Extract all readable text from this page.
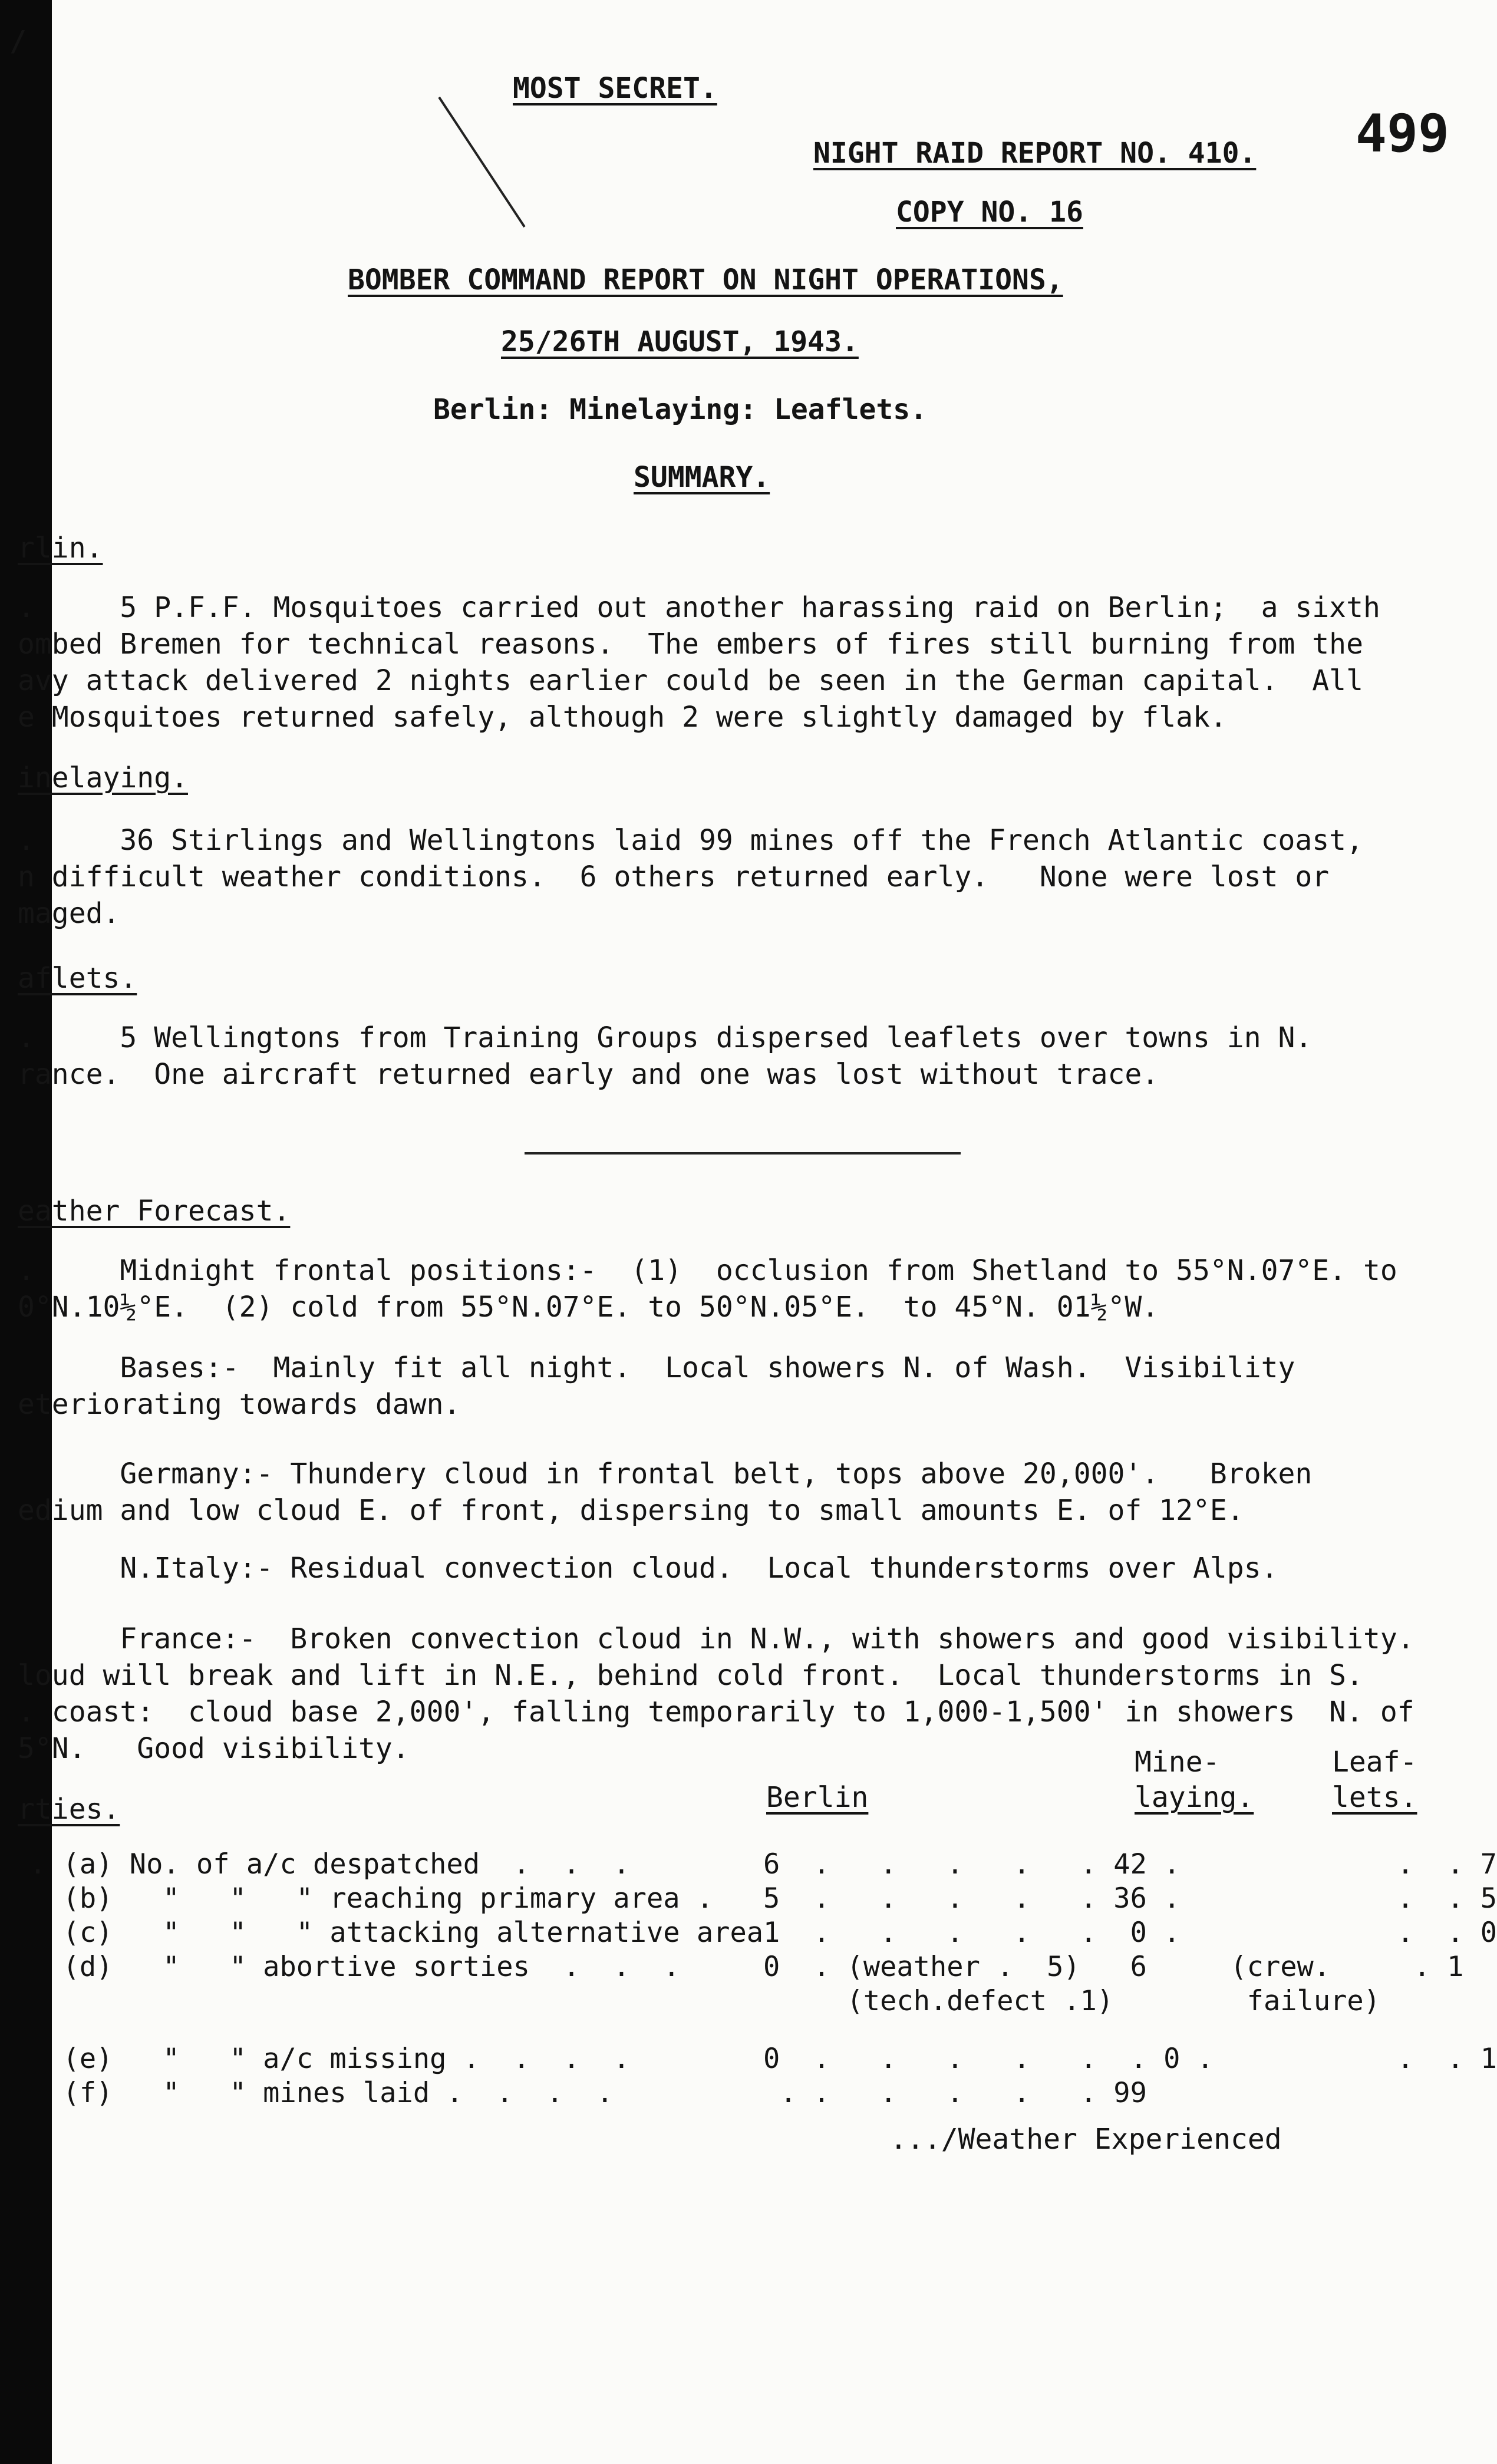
/
MOST SECRET.
499
NIGHT RAID REPORT NO. 410.
COPY NO. 16
BOMBER COMMAND REPORT ON NIGHT OPERATIONS,
25/26TH AUGUST, 1943.
Berlin: Minelaying: Leaflets.
SUMMARY.
rlin.

.     5 P.F.F. Mosquitoes carried out another harassing raid on Berlin;  a sixth

ombed Bremen for technical reasons.  The embers of fires still burning from the

avy attack delivered 2 nights earlier could be seen in the German capital.  All

e Mosquitoes returned safely, although 2 were slightly damaged by flak.

inelaying.

.     36 Stirlings and Wellingtons laid 99 mines off the French Atlantic coast,

n difficult weather conditions.  6 others returned early.   None were lost or

maged.

aflets.

.     5 Wellingtons from Training Groups dispersed leaflets over towns in N.

rance.  One aircraft returned early and one was lost without trace.

eather Forecast.

.     Midnight frontal positions:-  (1)  occlusion from Shetland to 55°N.07°E. to

0°N.10½°E.  (2) cold from 55°N.07°E. to 50°N.05°E.  to 45°N. 01½°W.

Bases:-  Mainly fit all night.  Local showers N. of Wash.  Visibility

eteriorating towards dawn.

Germany:- Thundery cloud in frontal belt, tops above 20,000'.   Broken

edium and low cloud E. of front, dispersing to small amounts E. of 12°E.

N.Italy:- Residual convection cloud.  Local thunderstorms over Alps.

France:-  Broken convection cloud in N.W., with showers and good visibility.

loud will break and lift in N.E., behind cold front.  Local thunderstorms in S.

. coast:  cloud base 2,000', falling temporarily to 1,000-1,500' in showers  N. of

5°N.   Good visibility.

rties.	Berlin
Mine-
laying.
Leaf-
lets.
. (a) No. of a/c despatched  .  .  .	6	.   .   .   .   .	42 .		.  . 7
(b)   "   "   " reaching primary area .	5	.   .   .   .   .	36 .		.  . 5
(c)   "   "   " attacking alternative area	1	.   .   .   .   .	0 .		.  . 0
(d)   "   " abortive sorties  .  .  .	0	. (weather .  5)	6	(crew.	. 1
		(tech.defect .1)		failure)	
(e)   "   " a/c missing .  .  .  .	0	.   .   .   .   .	. 0 .		.  . 1
(f)   "   " mines laid .  .  .  .	.	.   .   .   .   .	99		
.../Weather Experienced
